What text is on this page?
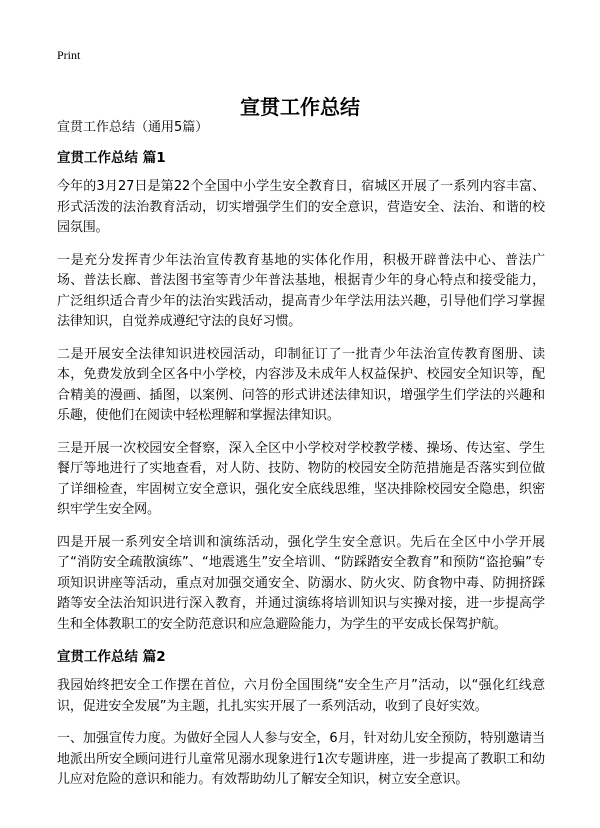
Print
宣贯工作总结

宣贯工作总结（通用5篇）

宣贯工作总结 篇1

今年的3月27日是第22个全国中小学生安全教育日，宿城区开展了一系列内容丰富、形式活泼的法治教育活动，切实增强学生们的安全意识，营造安全、法治、和谐的校园氛围。

一是充分发挥青少年法治宣传教育基地的实体化作用，积极开辟普法中心、普法广场、普法长廊、普法图书室等青少年普法基地，根据青少年的身心特点和接受能力，广泛组织适合青少年的法治实践活动，提高青少年学法用法兴趣，引导他们学习掌握法律知识，自觉养成遵纪守法的良好习惯。

二是开展安全法律知识进校园活动，印制征订了一批青少年法治宣传教育图册、读本，免费发放到全区各中小学校，内容涉及未成年人权益保护、校园安全知识等，配合精美的漫画、插图，以案例、问答的形式讲述法律知识，增强学生们学法的兴趣和乐趣，使他们在阅读中轻松理解和掌握法律知识。

三是开展一次校园安全督察，深入全区中小学校对学校教学楼、操场、传达室、学生餐厅等地进行了实地查看，对人防、技防、物防的校园安全防范措施是否落实到位做了详细检查，牢固树立安全意识，强化安全底线思维，坚决排除校园安全隐患，织密织牢学生安全网。

四是开展一系列安全培训和演练活动，强化学生安全意识。先后在全区中小学开展了“消防安全疏散演练”、“地震逃生”安全培训、“防踩踏安全教育”和预防“盗抢骗”专项知识讲座等活动，重点对加强交通安全、防溺水、防火灾、防食物中毒、防拥挤踩踏等安全法治知识进行深入教育，并通过演练将培训知识与实操对接，进一步提高学生和全体教职工的安全防范意识和应急避险能力，为学生的平安成长保驾护航。

宣贯工作总结 篇2

我园始终把安全工作摆在首位，六月份全国围绕“安全生产月”活动，以“强化红线意识，促进安全发展”为主题，扎扎实实开展了一系列活动，收到了良好实效。

一、加强宣传力度。为做好全园人人参与安全，6月，针对幼儿安全预防，特别邀请当地派出所安全顾问进行儿童常见溺水现象进行1次专题讲座，进一步提高了教职工和幼儿应对危险的意识和能力。有效帮助幼儿了解安全知识，树立安全意识。
